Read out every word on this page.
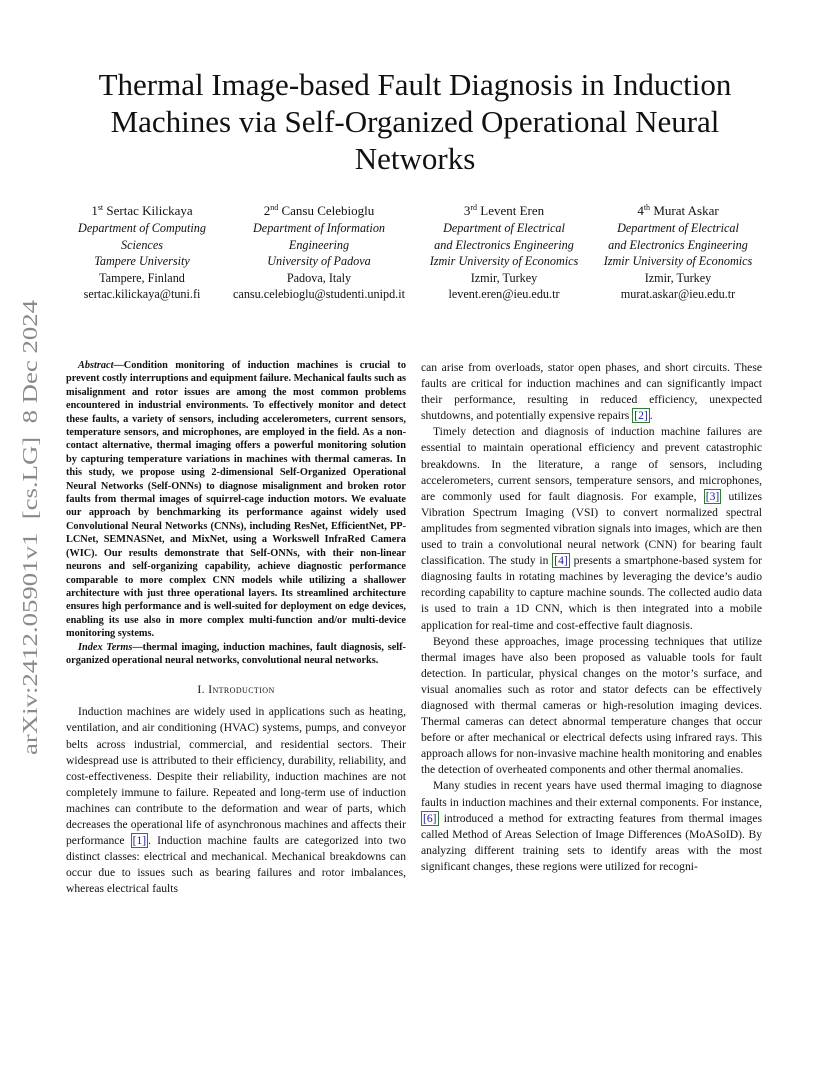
arXiv:2412.05901v1  [cs.LG]  8 Dec 2024
Thermal Image-based Fault Diagnosis in Induction Machines via Self-Organized Operational Neural Networks
1st Sertac Kilickaya
Department of Computing
Sciences
Tampere University
Tampere, Finland
sertac.kilickaya@tuni.fi
2nd Cansu Celebioglu
Department of Information
Engineering
University of Padova
Padova, Italy
cansu.celebioglu@studenti.unipd.it
3rd Levent Eren
Department of Electrical
and Electronics Engineering
Izmir University of Economics
Izmir, Turkey
levent.eren@ieu.edu.tr
4th Murat Askar
Department of Electrical
and Electronics Engineering
Izmir University of Economics
Izmir, Turkey
murat.askar@ieu.edu.tr

Abstract—Condition monitoring of induction machines is crucial to prevent costly interruptions and equipment failure. Mechanical faults such as misalignment and rotor issues are among the most common problems encountered in industrial environments. To effectively monitor and detect these faults, a variety of sensors, including accelerometers, current sensors, temperature sensors, and microphones, are employed in the field. As a non-contact alternative, thermal imaging offers a powerful monitoring solution by capturing temperature variations in machines with thermal cameras. In this study, we propose using 2-dimensional Self-Organized Operational Neural Networks (Self-ONNs) to diagnose misalignment and broken rotor faults from thermal images of squirrel-cage induction motors. We evaluate our approach by benchmarking its performance against widely used Convolutional Neural Networks (CNNs), including ResNet, EfficientNet, PP-LCNet, SEMNASNet, and MixNet, using a Workswell InfraRed Camera (WIC). Our results demonstrate that Self-ONNs, with their non-linear neurons and self-organizing capability, achieve diagnostic performance comparable to more complex CNN models while utilizing a shallower architecture with just three operational layers. Its streamlined architecture ensures high performance and is well-suited for deployment on edge devices, enabling its use also in more complex multi-function and/or multi-device monitoring systems.

Index Terms—thermal imaging, induction machines, fault diagnosis, self-organized operational neural networks, convolutional neural networks.

I. Introduction

Induction machines are widely used in applications such as heating, ventilation, and air conditioning (HVAC) systems, pumps, and conveyor belts across industrial, commercial, and residential sectors. Their widespread use is attributed to their efficiency, durability, reliability, and cost-effectiveness. Despite their reliability, induction machines are not completely immune to failure. Repeated and long-term use of induction machines can contribute to the deformation and wear of parts, which decreases the operational life of asynchronous machines and affects their performance [1] . Induction machine faults are categorized into two distinct classes: electrical and mechanical. Mechanical breakdowns can occur due to issues such as bearing failures and rotor imbalances, whereas electrical faults

can arise from overloads, stator open phases, and short circuits. These faults are critical for induction machines and can significantly impact their performance, resulting in reduced efficiency, unexpected shutdowns, and potentially expensive repairs [2] .

Timely detection and diagnosis of induction machine failures are essential to maintain operational efficiency and prevent catastrophic breakdowns. In the literature, a range of sensors, including accelerometers, current sensors, temperature sensors, and microphones, are commonly used for fault diagnosis. For example, [3] utilizes Vibration Spectrum Imaging (VSI) to convert normalized spectral amplitudes from segmented vibration signals into images, which are then used to train a convolutional neural network (CNN) for bearing fault classification. The study in [4] presents a smartphone-based system for diagnosing faults in rotating machines by leveraging the device’s audio recording capability to capture machine sounds. The collected audio data is used to train a 1D CNN, which is then integrated into a mobile application for real-time and cost-effective fault diagnosis.

Beyond these approaches, image processing techniques that utilize thermal images have also been proposed as valuable tools for fault detection. In particular, physical changes on the motor’s surface, and visual anomalies such as rotor and stator defects can be effectively diagnosed with thermal cameras or high-resolution imaging devices. Thermal cameras can detect abnormal temperature changes that occur before or after mechanical or electrical defects using infrared rays. This approach allows for non-invasive machine health monitoring and enables the detection of overheated components and other thermal anomalies.

Many studies in recent years have used thermal imaging to diagnose faults in induction machines and their external components. For instance, [6] introduced a method for extracting features from thermal images called Method of Areas Selection of Image Differences (MoASoID). By analyzing different training sets to identify areas with the most significant changes, these regions were utilized for recogni-
